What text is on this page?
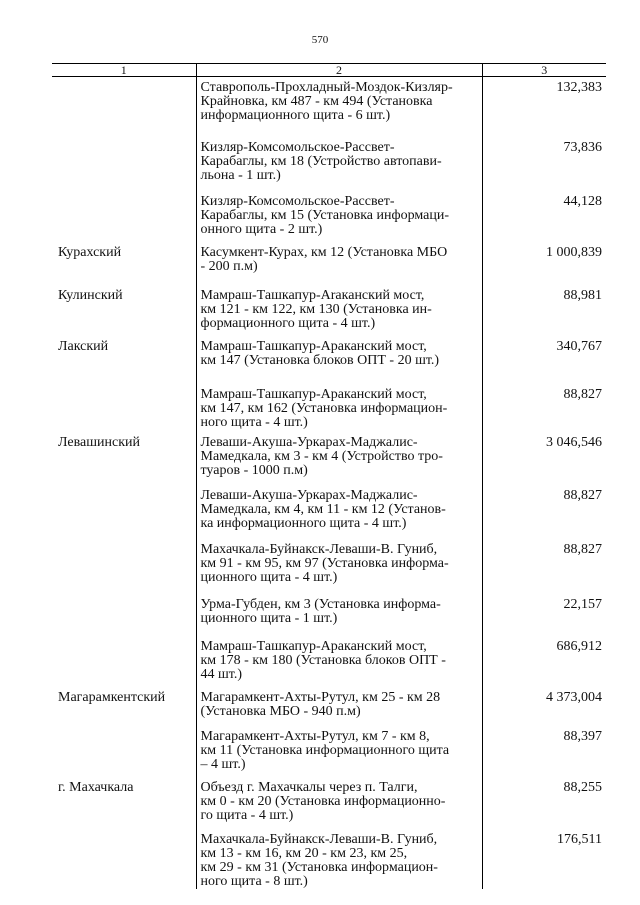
570
1	2	3

	Ставрополь-Прохладный-Моздок-Кизляр-
Крайновка, км 487 - км 494 (Установка
информационного щита - 6 шт.)	132,383

	Кизляр-Комсомольское-Рассвет-
Карабаглы, км 18 (Устройство автопави-
льона - 1 шт.)	73,836

	Кизляр-Комсомольское-Рассвет-
Карабаглы, км 15 (Установка информаци-
онного щита - 2 шт.)	44,128
Курахский	Касумкент-Курах, км 12 (Установка МБО
- 200 п.м)	1 000,839
Кулинский	Мамраш-Ташкапур-Araканский мост,
км 121 - км 122, км 130 (Установка ин-
формационного щита - 4 шт.)	88,981
Лакский	Мамраш-Ташкапур-Араканский мост,
км 147 (Установка блоков ОПТ - 20 шт.)	340,767

	Мамраш-Ташкапур-Араканский мост,
км 147, км 162 (Установка информацион-
ного щита - 4 шт.)	88,827
Левашинский	Леваши-Акуша-Уркарах-Маджалис-
Мамедкала, км 3 - км 4 (Устройство тро-
туаров - 1000 п.м)	3 046,546

	Леваши-Акуша-Уркарах-Маджалис-
Мамедкала, км 4, км 11 - км 12 (Установ-
ка информационного щита - 4 шт.)	88,827

	Махачкала-Буйнакск-Леваши-В. Гуниб,
км 91 - км 95, км 97 (Установка информа-
ционного щита - 4 шт.)	88,827

	Урма-Губден, км 3 (Установка информа-
ционного щита - 1 шт.)	22,157

	Мамраш-Ташкапур-Араканский мост,
км 178 - км 180 (Установка блоков ОПТ -
44 шт.)	686,912
Магарамкентский	Магарамкент-Ахты-Рутул, км 25 - км 28
(Установка МБО - 940 п.м)	4 373,004

	Магарамкент-Ахты-Рутул, км 7 - км 8,
км 11 (Установка информационного щита
– 4 шт.)	88,397
г. Махачкала	Объезд г. Махачкалы через п. Талги,
км 0 - км 20 (Установка информационно-
го щита - 4 шт.)	88,255

	Махачкала-Буйнакск-Леваши-В. Гуниб,
км 13 - км 16, км 20 - км 23, км 25,
км 29 - км 31 (Установка информацион-
ного щита - 8 шт.)	176,511
